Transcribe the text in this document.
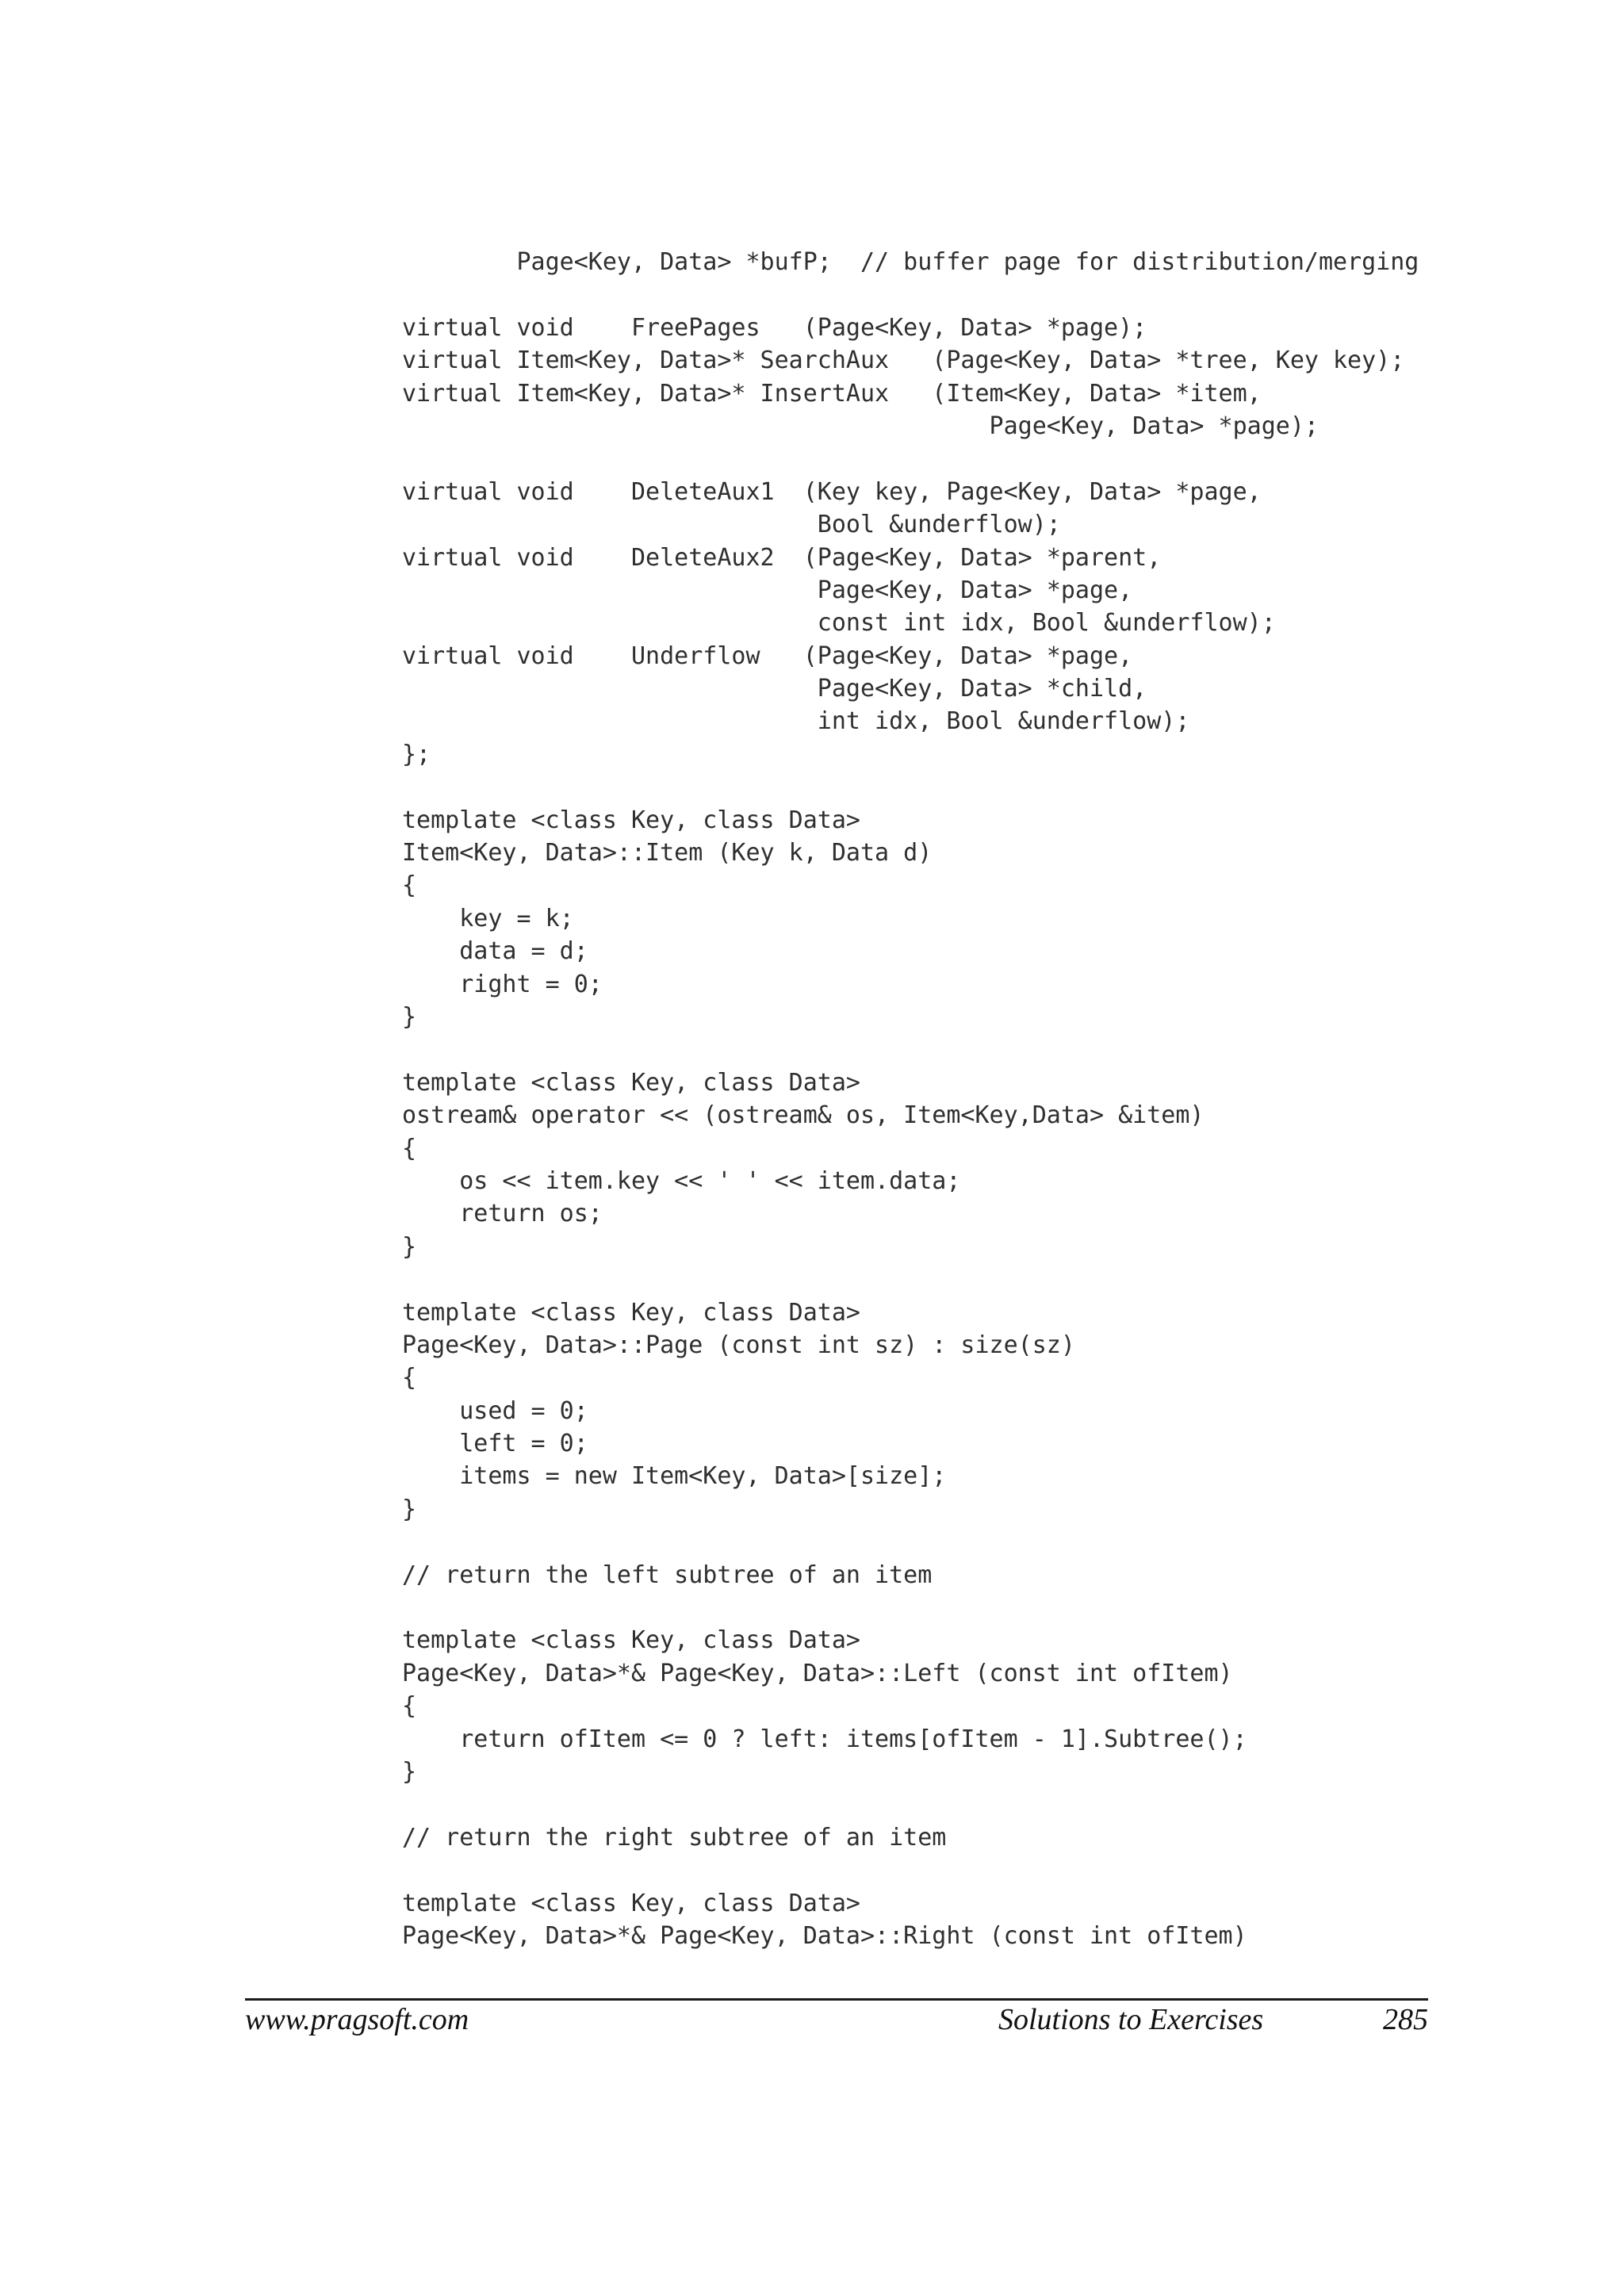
Page<Key, Data> *bufP;  // buffer page for distribution/merging
virtual void    FreePages   (Page<Key, Data> *page);
virtual Item<Key, Data>* SearchAux   (Page<Key, Data> *tree, Key key);
virtual Item<Key, Data>* InsertAux   (Item<Key, Data> *item,
Page<Key, Data> *page);
virtual void    DeleteAux1  (Key key, Page<Key, Data> *page,
Bool &underflow);
virtual void    DeleteAux2  (Page<Key, Data> *parent,
Page<Key, Data> *page,
const int idx, Bool &underflow);
virtual void    Underflow   (Page<Key, Data> *page,
Page<Key, Data> *child,
int idx, Bool &underflow);
};
template <class Key, class Data>
Item<Key, Data>::Item (Key k, Data d)
{
key = k;
data = d;
right = 0;
}
template <class Key, class Data>
ostream& operator << (ostream& os, Item<Key,Data> &item)
{
os << item.key << ' ' << item.data;
return os;
}
template <class Key, class Data>
Page<Key, Data>::Page (const int sz) : size(sz)
{
used = 0;
left = 0;
items = new Item<Key, Data>[size];
}
// return the left subtree of an item
template <class Key, class Data>
Page<Key, Data>*& Page<Key, Data>::Left (const int ofItem)
{
return ofItem <= 0 ? left: items[ofItem - 1].Subtree();
}
// return the right subtree of an item
template <class Key, class Data>
Page<Key, Data>*& Page<Key, Data>::Right (const int ofItem)
www.pragsoft.com	Solutions to Exercises	285
